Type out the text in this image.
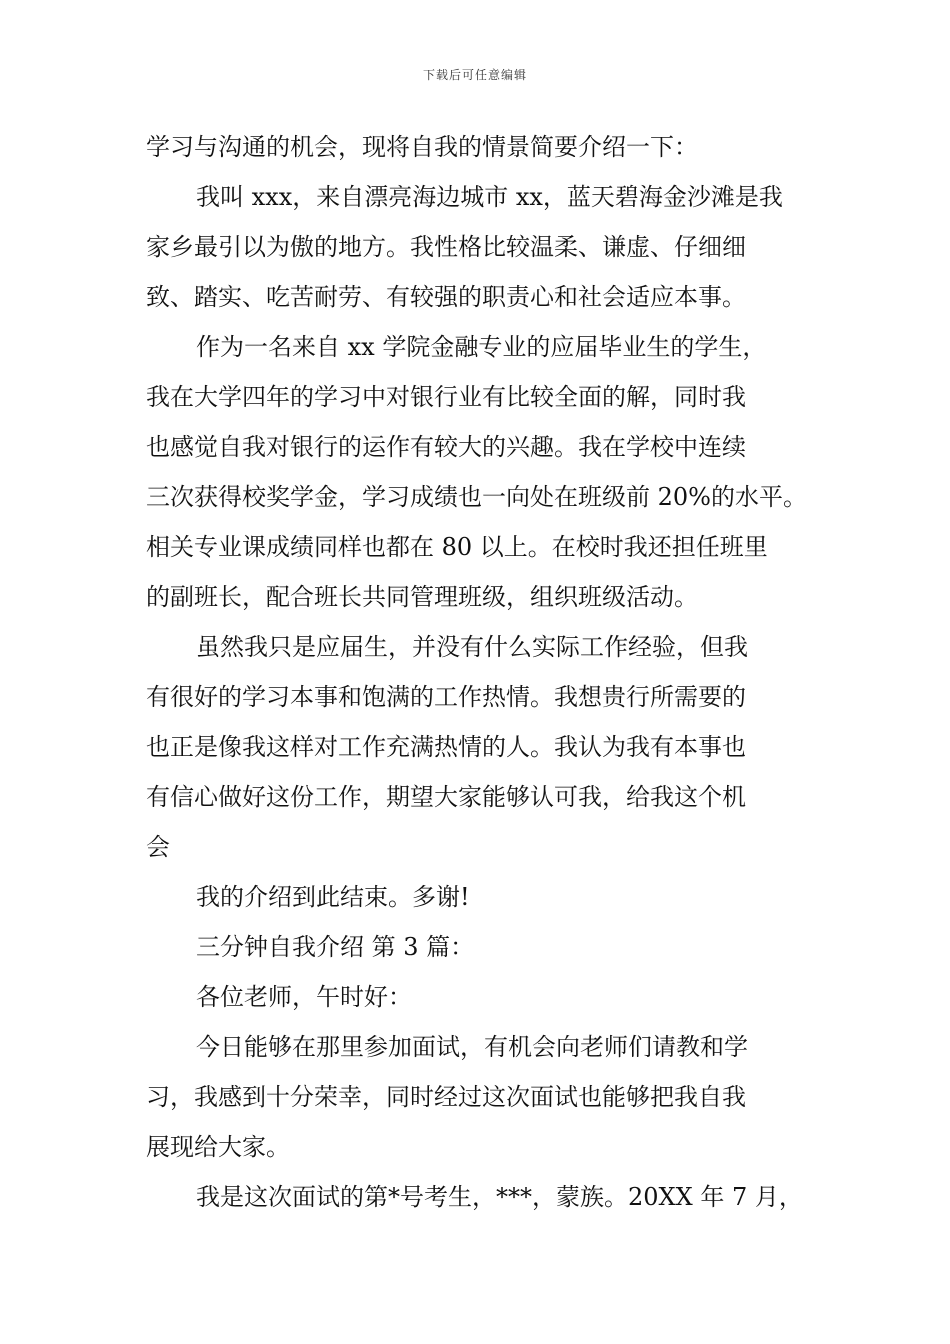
下载后可任意编辑
学习与沟通的机会，现将自我的情景简要介绍一下：
我叫 xxx，来自漂亮海边城市 xx，蓝天碧海金沙滩是我
家乡最引以为傲的地方。我性格比较温柔、谦虚、仔细细
致、踏实、吃苦耐劳、有较强的职责心和社会适应本事。
作为一名来自 xx 学院金融专业的应届毕业生的学生，
我在大学四年的学习中对银行业有比较全面的解，同时我
也感觉自我对银行的运作有较大的兴趣。我在学校中连续
三次获得校奖学金，学习成绩也一向处在班级前 20%的水平。
相关专业课成绩同样也都在 80 以上。在校时我还担任班里
的副班长，配合班长共同管理班级，组织班级活动。
虽然我只是应届生，并没有什么实际工作经验，但我
有很好的学习本事和饱满的工作热情。我想贵行所需要的
也正是像我这样对工作充满热情的人。我认为我有本事也
有信心做好这份工作，期望大家能够认可我，给我这个机
会
我的介绍到此结束。多谢!
三分钟自我介绍 第 3 篇：
各位老师，午时好：
今日能够在那里参加面试，有机会向老师们请教和学
习，我感到十分荣幸，同时经过这次面试也能够把我自我
展现给大家。
我是这次面试的第*号考生，***，蒙族。20XX 年 7 月，
